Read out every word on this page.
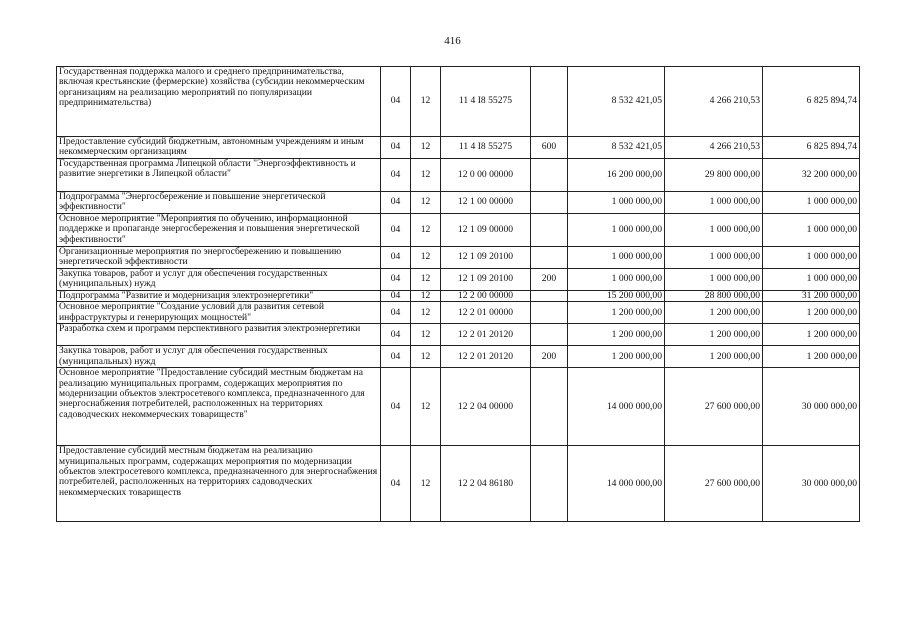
416
Государственная поддержка малого и среднего предпринимательства, включая крестьянские (фермерские) хозяйства (субсидии некоммерческим организациям на реализацию мероприятий по популяризации предпринимательства)	04	12	11 4 I8 55275		8 532 421,05	4 266 210,53	6 825 894,74
Предоставление субсидий бюджетным, автономным учреждениям и иным некоммерческим организациям	04	12	11 4 I8 55275	600	8 532 421,05	4 266 210,53	6 825 894,74
Государственная программа Липецкой области "Энергоэффективность и развитие энергетики в Липецкой области"	04	12	12 0 00 00000		16 200 000,00	29 800 000,00	32 200 000,00
Подпрограмма "Энергосбережение и повышение энергетической эффективности"	04	12	12 1 00 00000		1 000 000,00	1 000 000,00	1 000 000,00
Основное мероприятие "Мероприятия по обучению, информационной поддержке и пропаганде энергосбережения и повышения энергетической эффективности"	04	12	12 1 09 00000		1 000 000,00	1 000 000,00	1 000 000,00
Организационные мероприятия по энергосбережению и повышению энергетической эффективности	04	12	12 1 09 20100		1 000 000,00	1 000 000,00	1 000 000,00
Закупка товаров, работ и услуг для обеспечения государственных (муниципальных) нужд	04	12	12 1 09 20100	200	1 000 000,00	1 000 000,00	1 000 000,00
Подпрограмма "Развитие и модернизация электроэнергетики"	04	12	12 2 00 00000		15 200 000,00	28 800 000,00	31 200 000,00
Основное мероприятие "Создание условий для развития сетевой инфраструктуры и генерирующих мощностей"	04	12	12 2 01 00000		1 200 000,00	1 200 000,00	1 200 000,00
Разработка схем и программ перспективного развития электроэнергетики	04	12	12 2 01 20120		1 200 000,00	1 200 000,00	1 200 000,00
Закупка товаров, работ и услуг для обеспечения государственных (муниципальных) нужд	04	12	12 2 01 20120	200	1 200 000,00	1 200 000,00	1 200 000,00
Основное мероприятие "Предоставление субсидий местным бюджетам на реализацию муниципальных программ, содержащих мероприятия по модернизации объектов электросетевого комплекса, предназначенного для энергоснабжения потребителей, расположенных на территориях садоводческих некоммерческих товариществ"	04	12	12 2 04 00000		14 000 000,00	27 600 000,00	30 000 000,00
Предоставление субсидий местным бюджетам на реализацию муниципальных программ, содержащих мероприятия по модернизации объектов электросетевого комплекса, предназначенного для энергоснабжения потребителей, расположенных на территориях садоводческих некоммерческих товариществ	04	12	12 2 04 86180		14 000 000,00	27 600 000,00	30 000 000,00
